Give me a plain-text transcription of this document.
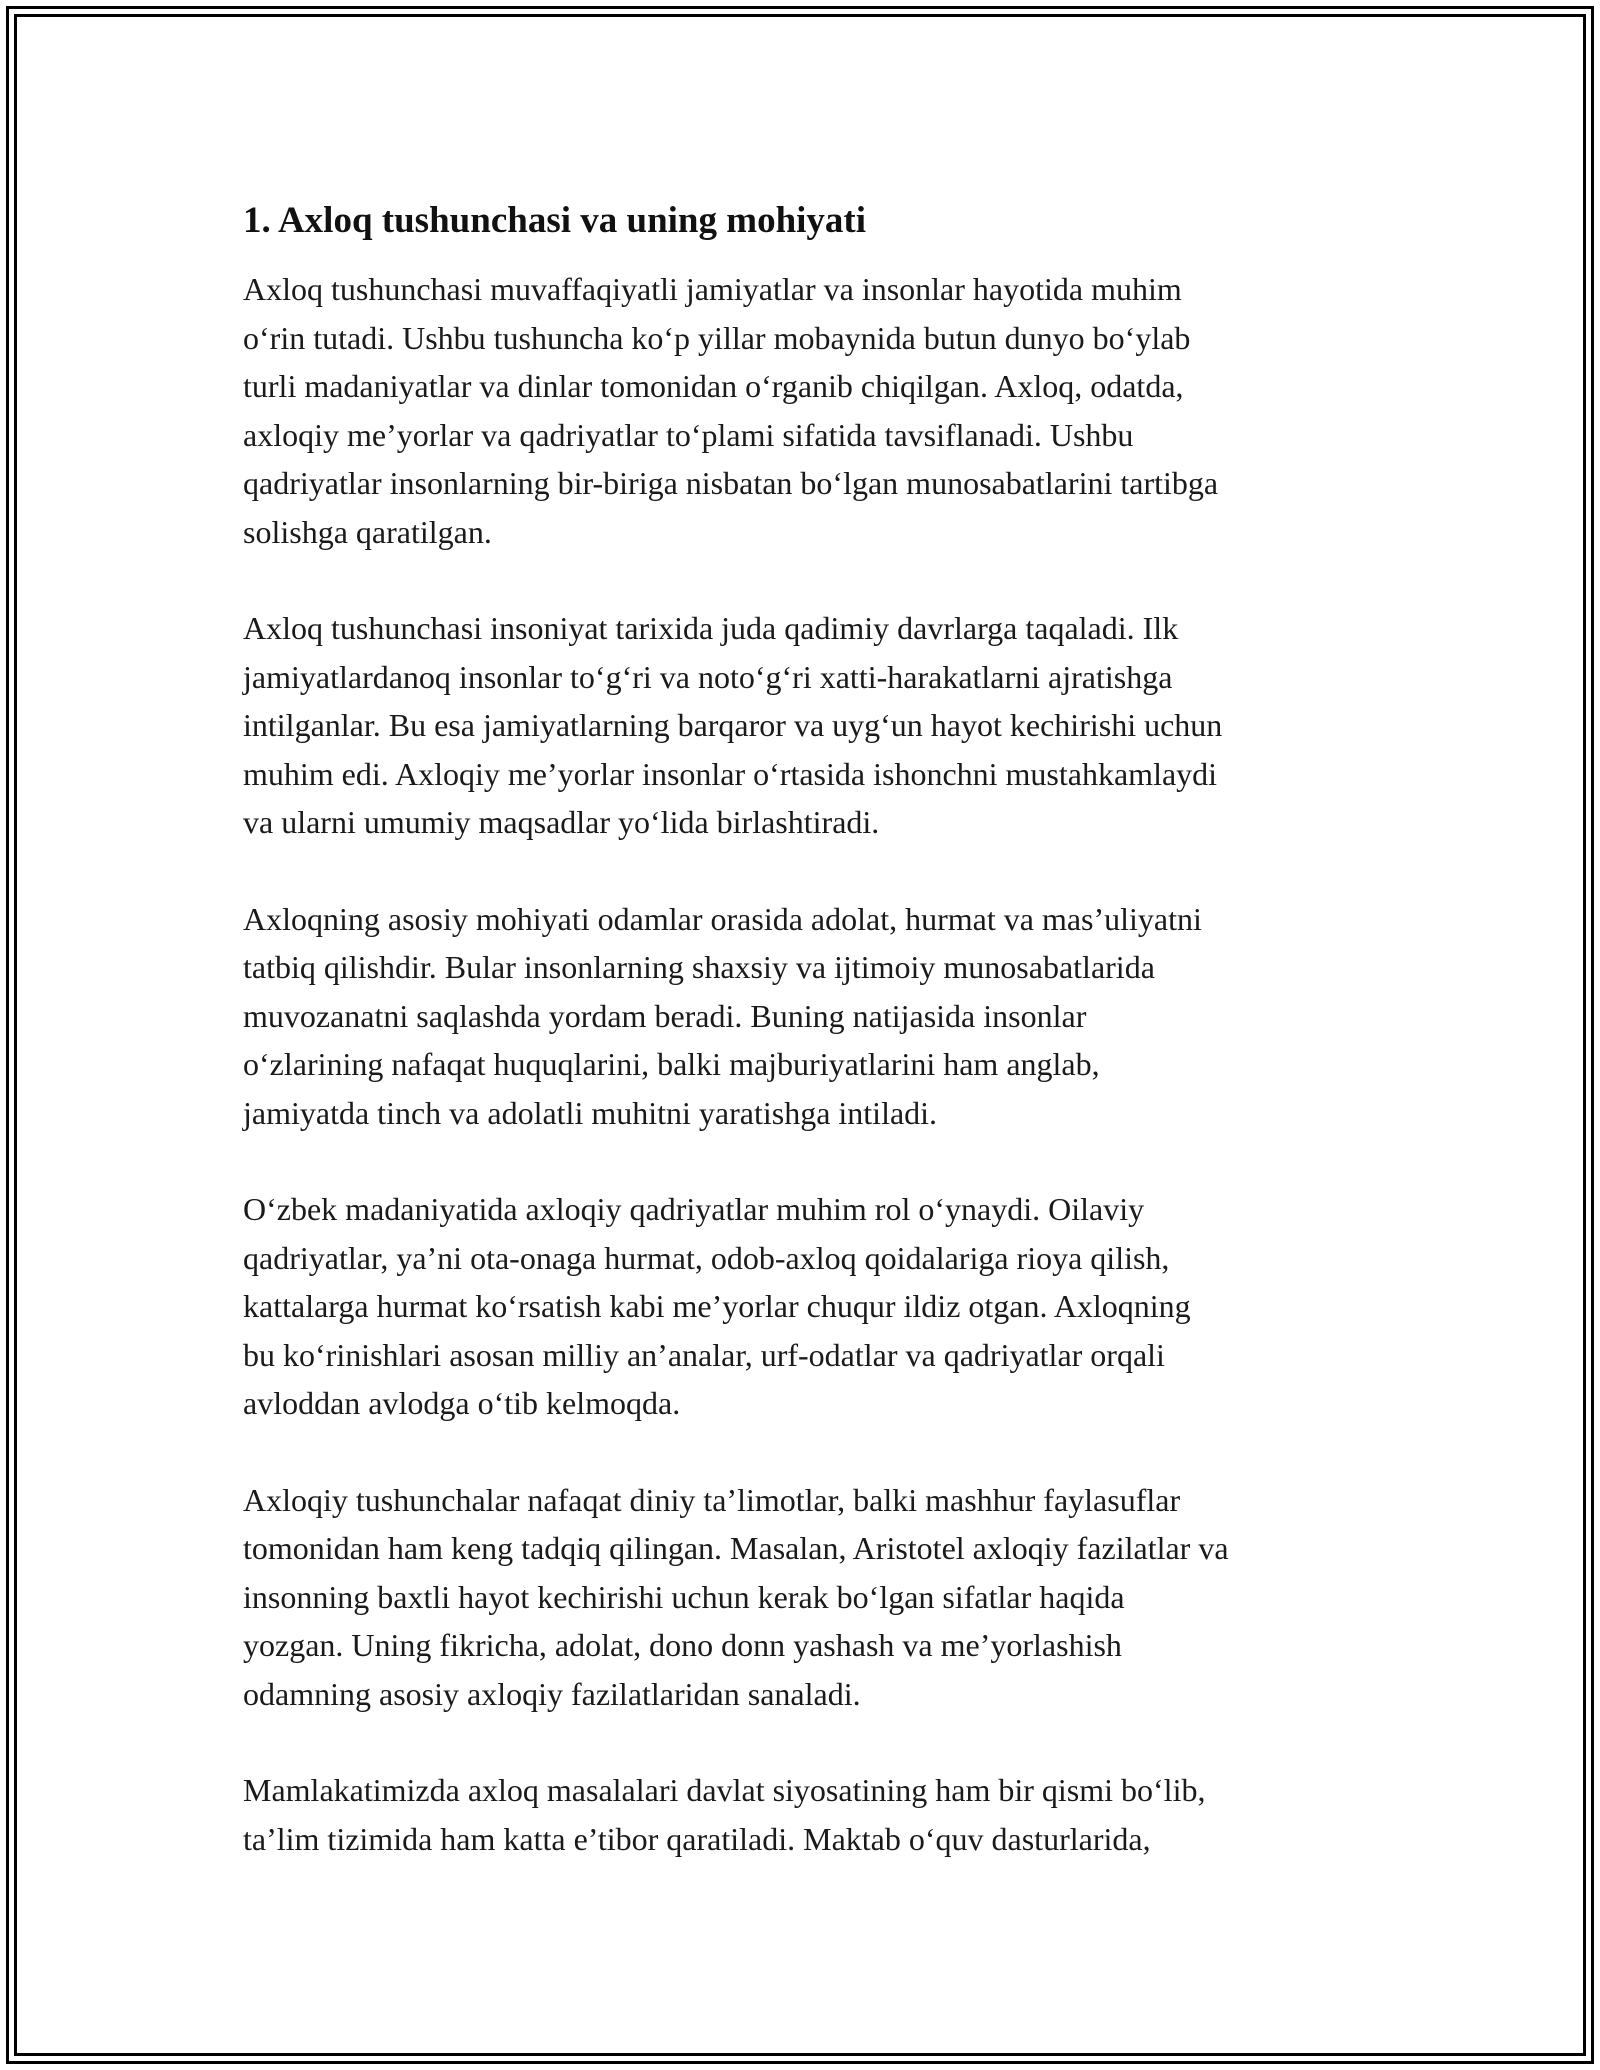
1. Axloq tushunchasi va uning mohiyati

Axloq tushunchasi muvaffaqiyatli jamiyatlar va insonlar hayotida muhim
o‘rin tutadi. Ushbu tushuncha ko‘p yillar mobaynida butun dunyo bo‘ylab
turli madaniyatlar va dinlar tomonidan o‘rganib chiqilgan. Axloq, odatda,
axloqiy me’yorlar va qadriyatlar to‘plami sifatida tavsiflanadi. Ushbu
qadriyatlar insonlarning bir-biriga nisbatan bo‘lgan munosabatlarini tartibga
solishga qaratilgan.

Axloq tushunchasi insoniyat tarixida juda qadimiy davrlarga taqaladi. Ilk
jamiyatlardanoq insonlar to‘g‘ri va noto‘g‘ri xatti-harakatlarni ajratishga
intilganlar. Bu esa jamiyatlarning barqaror va uyg‘un hayot kechirishi uchun
muhim edi. Axloqiy me’yorlar insonlar o‘rtasida ishonchni mustahkamlaydi
va ularni umumiy maqsadlar yo‘lida birlashtiradi.

Axloqning asosiy mohiyati odamlar orasida adolat, hurmat va mas’uliyatni
tatbiq qilishdir. Bular insonlarning shaxsiy va ijtimoiy munosabatlarida
muvozanatni saqlashda yordam beradi. Buning natijasida insonlar
o‘zlarining nafaqat huquqlarini, balki majburiyatlarini ham anglab,
jamiyatda tinch va adolatli muhitni yaratishga intiladi.

O‘zbek madaniyatida axloqiy qadriyatlar muhim rol o‘ynaydi. Oilaviy
qadriyatlar, ya’ni ota-onaga hurmat, odob-axloq qoidalariga rioya qilish,
kattalarga hurmat ko‘rsatish kabi me’yorlar chuqur ildiz otgan. Axloqning
bu ko‘rinishlari asosan milliy an’analar, urf-odatlar va qadriyatlar orqali
avloddan avlodga o‘tib kelmoqda.

Axloqiy tushunchalar nafaqat diniy ta’limotlar, balki mashhur faylasuflar
tomonidan ham keng tadqiq qilingan. Masalan, Aristotel axloqiy fazilatlar va
insonning baxtli hayot kechirishi uchun kerak bo‘lgan sifatlar haqida
yozgan. Uning fikricha, adolat, dono donn yashash va me’yorlashish
odamning asosiy axloqiy fazilatlaridan sanaladi.

Mamlakatimizda axloq masalalari davlat siyosatining ham bir qismi bo‘lib,
ta’lim tizimida ham katta e’tibor qaratiladi. Maktab o‘quv dasturlarida,
